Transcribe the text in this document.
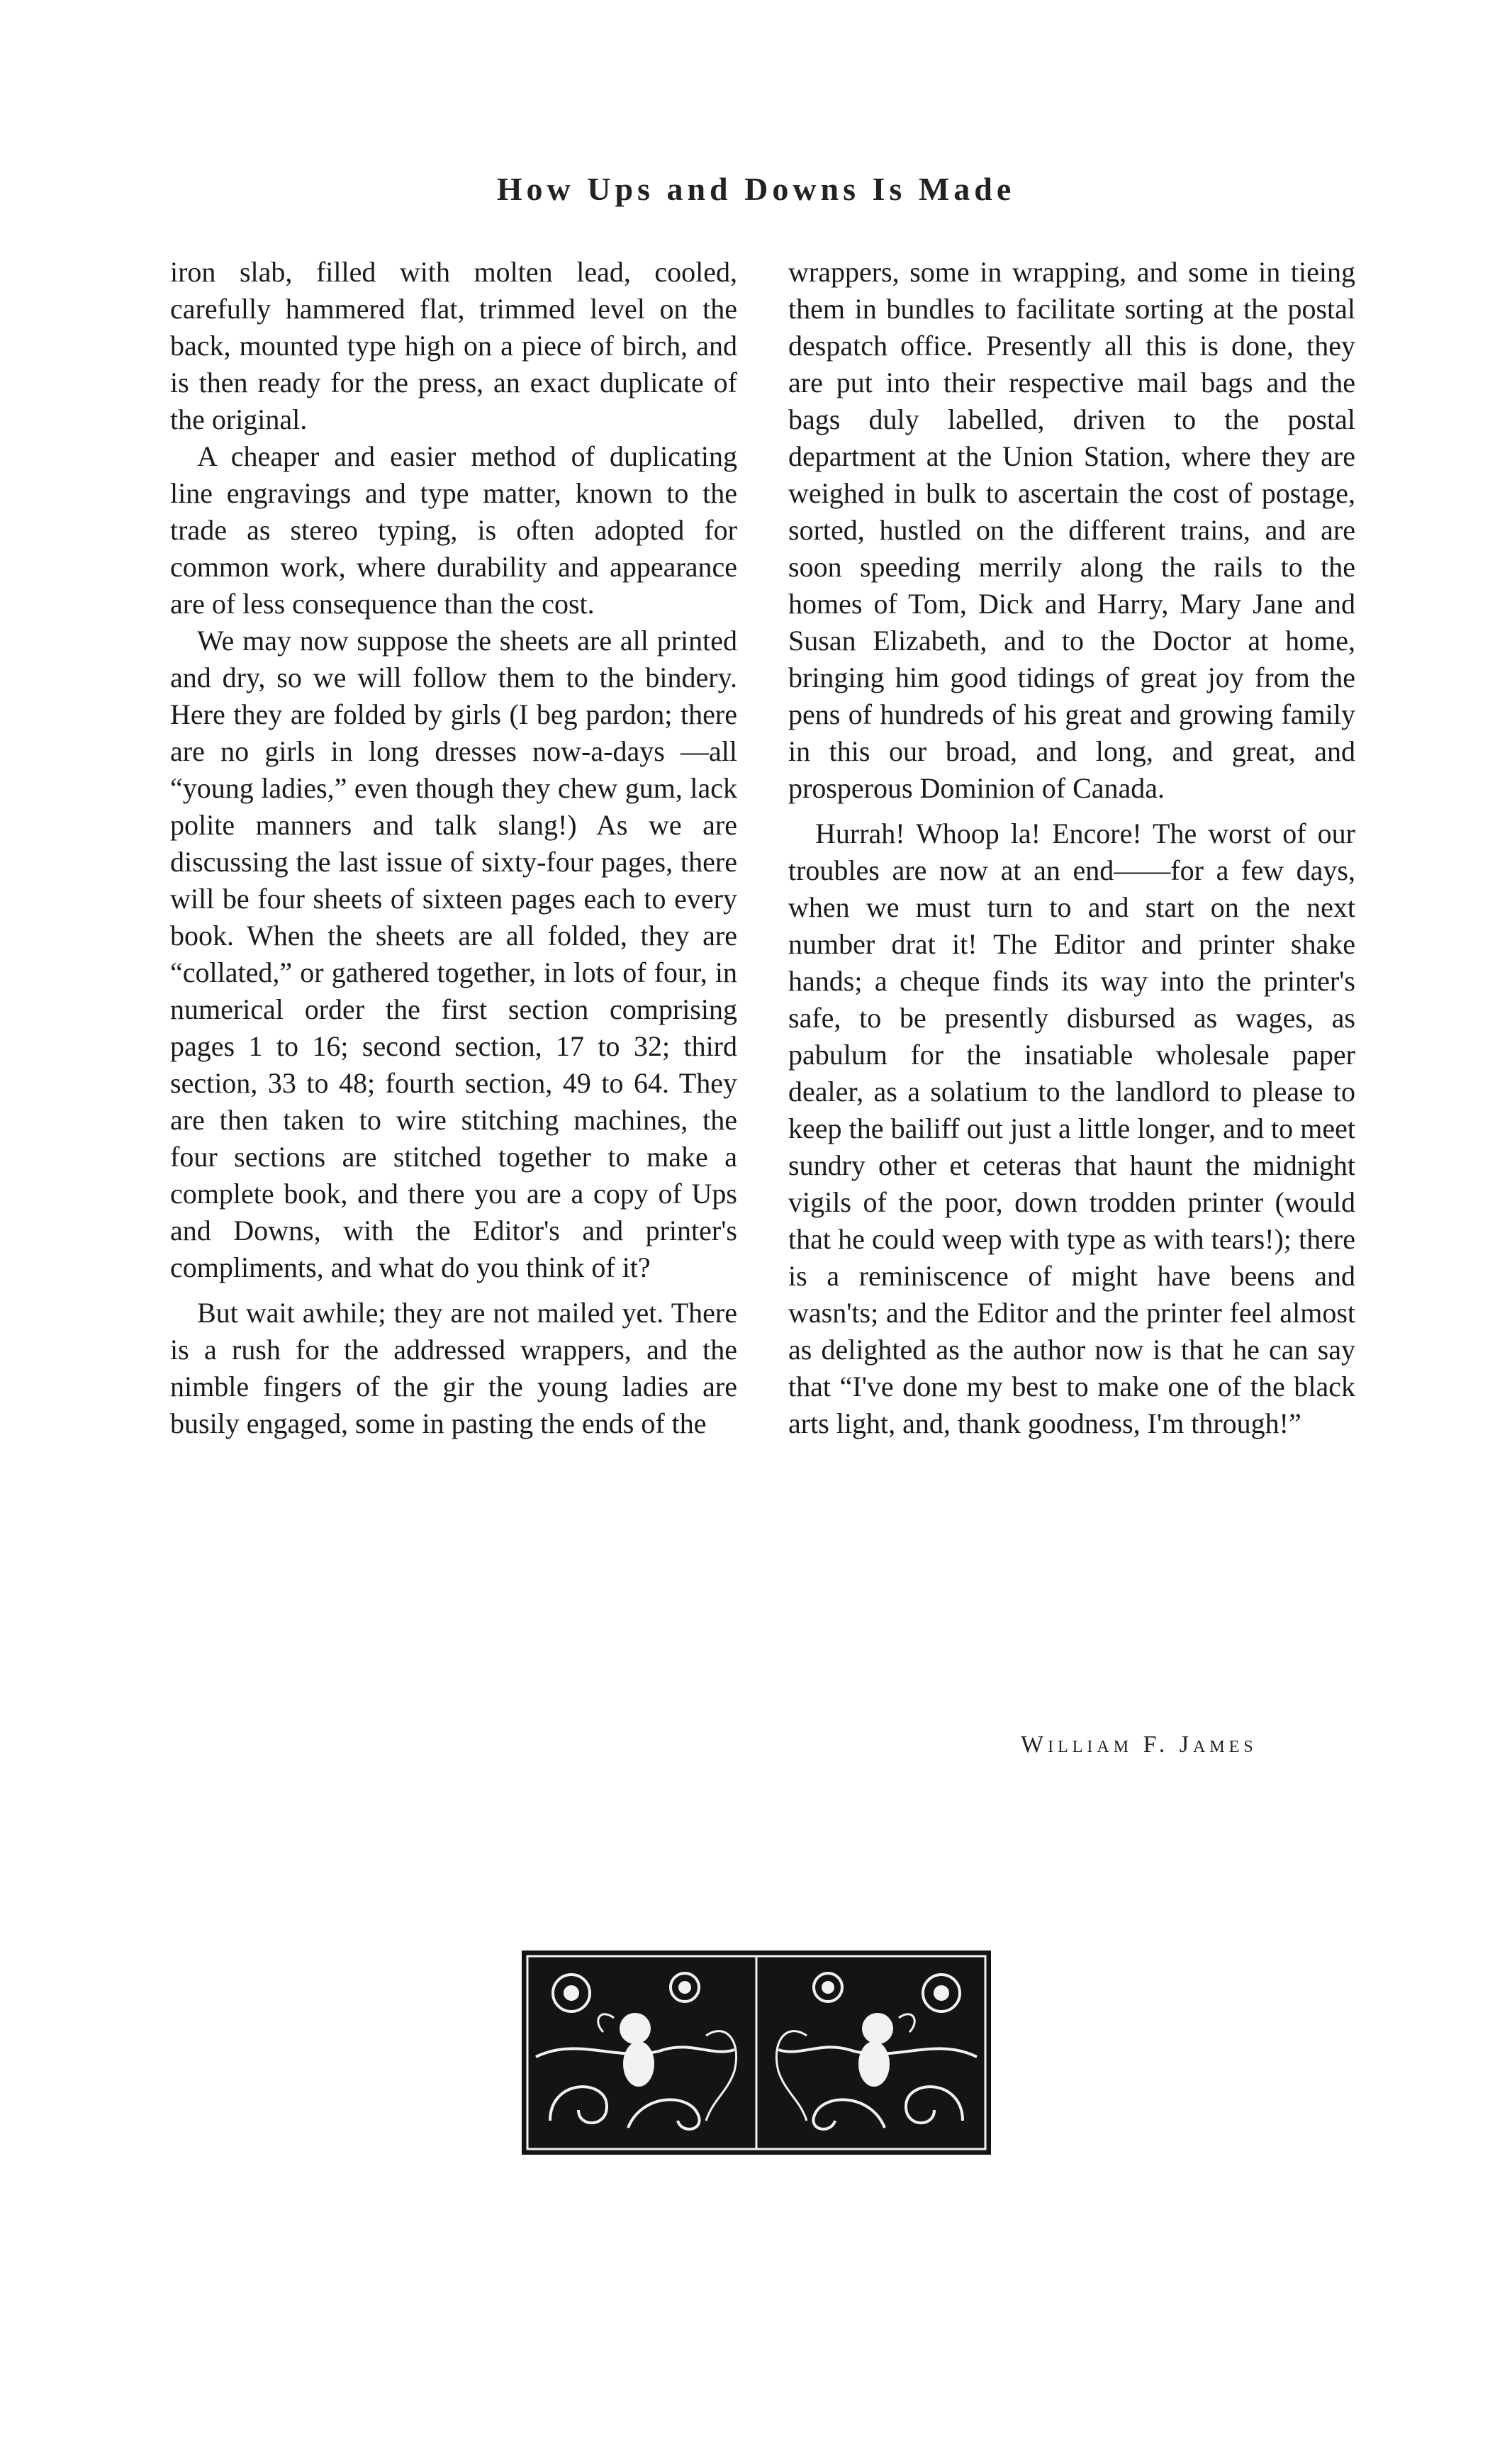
How Ups and Downs Is Made

iron slab, filled with molten lead, cooled, carefully hammered flat, trimmed level on the back, mounted type high on a piece of birch, and is then ready for the press, an exact duplicate of the original.

A cheaper and easier method of duplicating line engravings and type matter, known to the trade as stereo typing, is often adopted for common work, where durability and appearance are of less consequence than the cost.

We may now suppose the sheets are all printed and dry, so we will follow them to the bindery. Here they are folded by girls (I beg pardon; there are no girls in long dresses now-a-days —all “young ladies,” even though they chew gum, lack polite manners and talk slang!) As we are discussing the last issue of sixty-four pages, there will be four sheets of sixteen pages each to every book. When the sheets are all folded, they are “collated,” or gathered together, in lots of four, in numerical order the first section comprising pages 1 to 16; second section, 17 to 32; third section, 33 to 48; fourth section, 49 to 64. They are then taken to wire stitching machines, the four sections are stitched together to make a complete book, and there you are a copy of Ups and Downs, with the Editor's and printer's compliments, and what do you think of it?

But wait awhile; they are not mailed yet. There is a rush for the addressed wrappers, and the nimble fingers of the gir the young ladies are busily engaged, some in pasting the ends of the

wrappers, some in wrapping, and some in tieing them in bundles to facilitate sorting at the postal despatch office. Presently all this is done, they are put into their respective mail bags and the bags duly labelled, driven to the postal department at the Union Station, where they are weighed in bulk to ascertain the cost of postage, sorted, hustled on the different trains, and are soon speeding merrily along the rails to the homes of Tom, Dick and Harry, Mary Jane and Susan Elizabeth, and to the Doctor at home, bringing him good tidings of great joy from the pens of hundreds of his great and growing family in this our broad, and long, and great, and prosperous Dominion of Canada.

Hurrah! Whoop la! Encore! The worst of our troubles are now at an end——for a few days, when we must turn to and start on the next number drat it! The Editor and printer shake hands; a cheque finds its way into the printer's safe, to be presently disbursed as wages, as pabulum for the insatiable wholesale paper dealer, as a solatium to the landlord to please to keep the bailiff out just a little longer, and to meet sundry other et ceteras that haunt the midnight vigils of the poor, down trodden printer (would that he could weep with type as with tears!); there is a reminiscence of might have beens and wasn'ts; and the Editor and the printer feel almost as delighted as the author now is that he can say that “I've done my best to make one of the black arts light, and, thank goodness, I'm through!”

William F. James
